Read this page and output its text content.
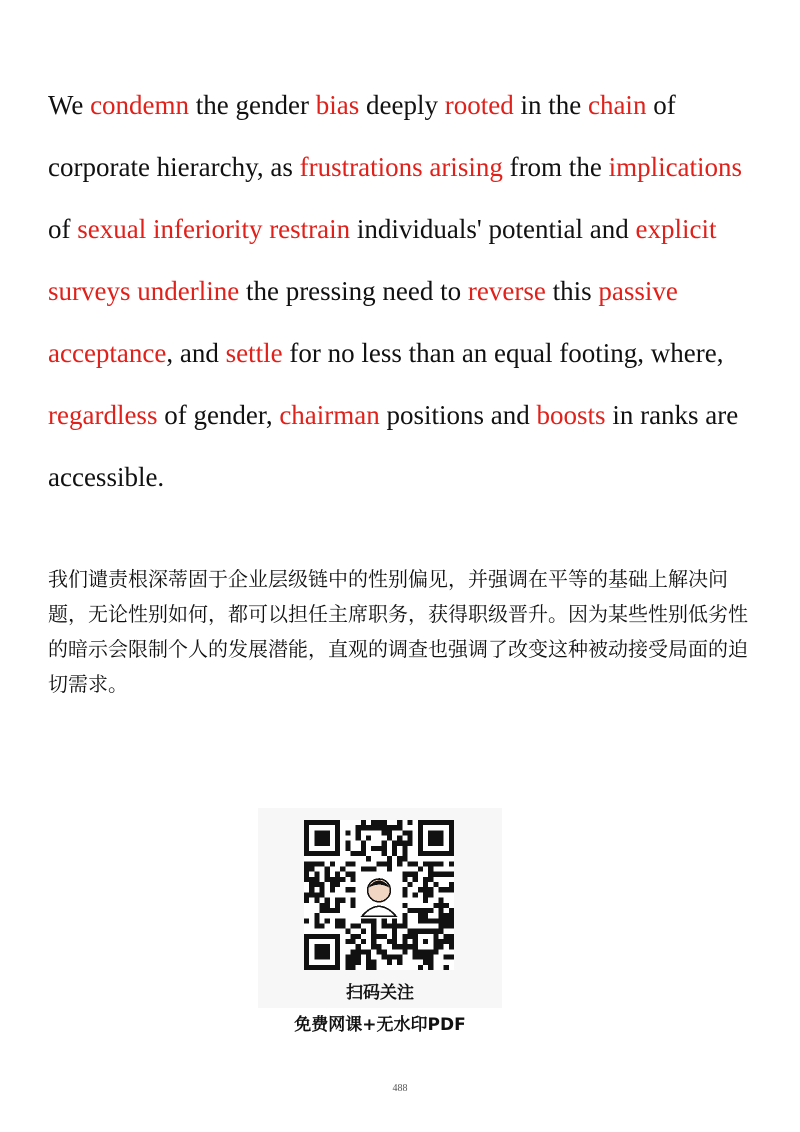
We condemn the gender bias deeply rooted in the chain of corporate hierarchy, as frustrations arising from the implications of sexual inferiority restrain individuals' potential and explicit surveys underline the pressing need to reverse this passive acceptance, and settle for no less than an equal footing, where, regardless of gender, chairman positions and boosts in ranks are accessible.

我们谴责根深蒂固于企业层级链中的性别偏见，并强调在平等的基础上解决问题，无论性别如何，都可以担任主席职务，获得职级晋升。因为某些性别低劣性的暗示会限制个人的发展潜能，直观的调查也强调了改变这种被动接受局面的迫切需求。

扫码关注
免费网课+无水印PDF
488
